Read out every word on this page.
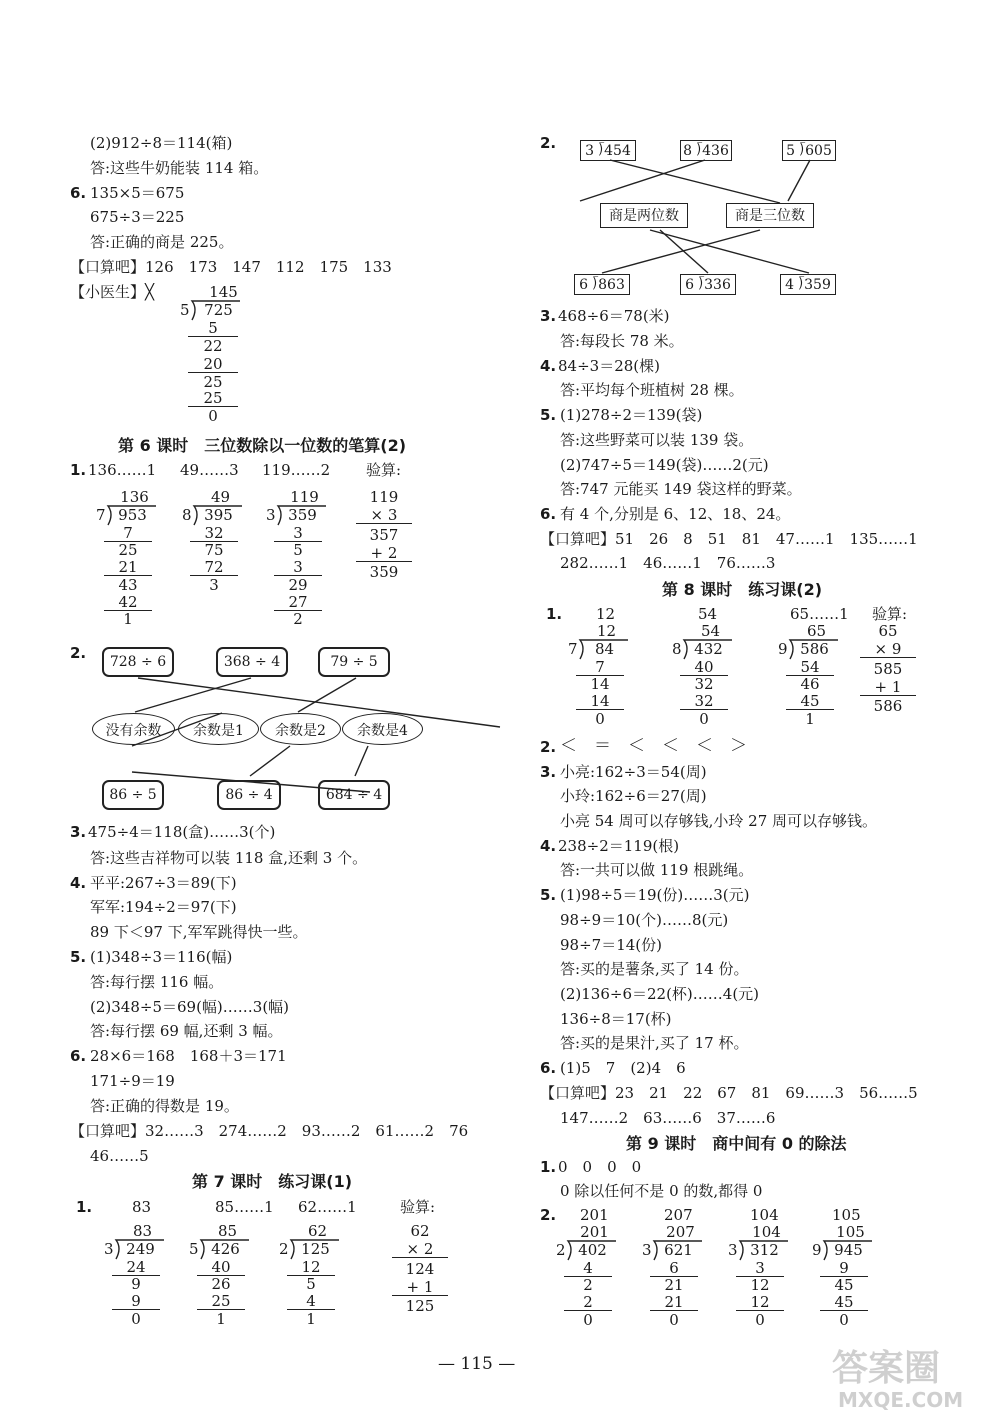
(2)912÷8＝114(箱)
答:这些牛奶能装 114 箱。
6. 135×5＝675
675÷3＝225
答:正确的商是 225。
【口算吧】126　173　147　112　175　133
【小医生】╳	145
5 725
5
22
20
25
25
0
第 6 课时　三位数除以一位数的笔算(2)
1. 136……1 49……3 119……2 验算:
136
7 953
7
25
21
43
42
1
49
8 395
32
75
72
3
119
3 359
3
5
3
29
27
2
119
× 3
357
+ 2
359
2.	728 ÷ 6	368 ÷ 4	79 ÷ 5
没有余数	余数是1	余数是2	余数是4
86 ÷ 5	86 ÷ 4	684 ÷ 4
3. 475÷4＝118(盒)……3(个)
答:这些吉祥物可以装 118 盒,还剩 3 个。
4. 平平:267÷3＝89(下)
军军:194÷2＝97(下)
89 下＜97 下,军军跳得快一些。
5. (1)348÷3＝116(幅)
答:每行摆 116 幅。
(2)348÷5＝69(幅)……3(幅)
答:每行摆 69 幅,还剩 3 幅。
6. 28×6＝168　168＋3＝171
171÷9＝19
答:正确的得数是 19。
【口算吧】32……3　274……2　93……2　61……2　76
46……5
第 7 课时　练习课(1)
1.	83	85……1 62……1	验算:
83
3 249
24
9
9
0
85
5 426
40
26
25
1
62
2 125
12
5
4
1
62
× 2
124
+ 1
125
2.	3 ⟌454	8 ⟌436	5 ⟌605
商是两位数	商是三位数
6 ⟌863	6 ⟌336	4 ⟌359
3. 468÷6＝78(米)
答:每段长 78 米。
4. 84÷3＝28(棵)
答:平均每个班植树 28 棵。
5. (1)278÷2＝139(袋)
答:这些野菜可以装 139 袋。
(2)747÷5＝149(袋)……2(元)
答:747 元能买 149 袋这样的野菜。
6. 有 4 个,分别是 6、12、18、24。
【口算吧】51　26　8　51　81　47……1　135……1
282……1　46……1　76……3
第 8 课时　练习课(2)
1. 12	54	65……1 验算:
12
7	84
7
14
14
0
54
8 432
40
32
32
0
65
9 586
54
46
45
1
65
× 9
585
+ 1
586
2. ＜　＝　＜　＜　＜　＞
3. 小亮:162÷3＝54(周)
小玲:162÷6＝27(周)
小亮 54 周可以存够钱,小玲 27 周可以存够钱。
4. 238÷2＝119(根)
答:一共可以做 119 根跳绳。
5. (1)98÷5＝19(份)……3(元)
98÷9＝10(个)……8(元)
98÷7＝14(份)
答:买的是薯条,买了 14 份。
(2)136÷6＝22(杯)……4(元)
136÷8＝17(杯)
答:买的是果汁,买了 17 杯。
6. (1)5　7　(2)4　6
【口算吧】23　21　22　67　81　69……3　56……5
147……2　63……6　37……6
第 9 课时　商中间有 0 的除法
1. 0　0　0　0
0 除以任何不是 0 的数,都得 0
2. 201	207	104	105
201
2 402
4
2
2
0
207
3 621
6
21
21
0
104
3 312
3
12
12
0
105
9 945
9
45
45
0
— 115 —	答案圈
MXQE.COM
